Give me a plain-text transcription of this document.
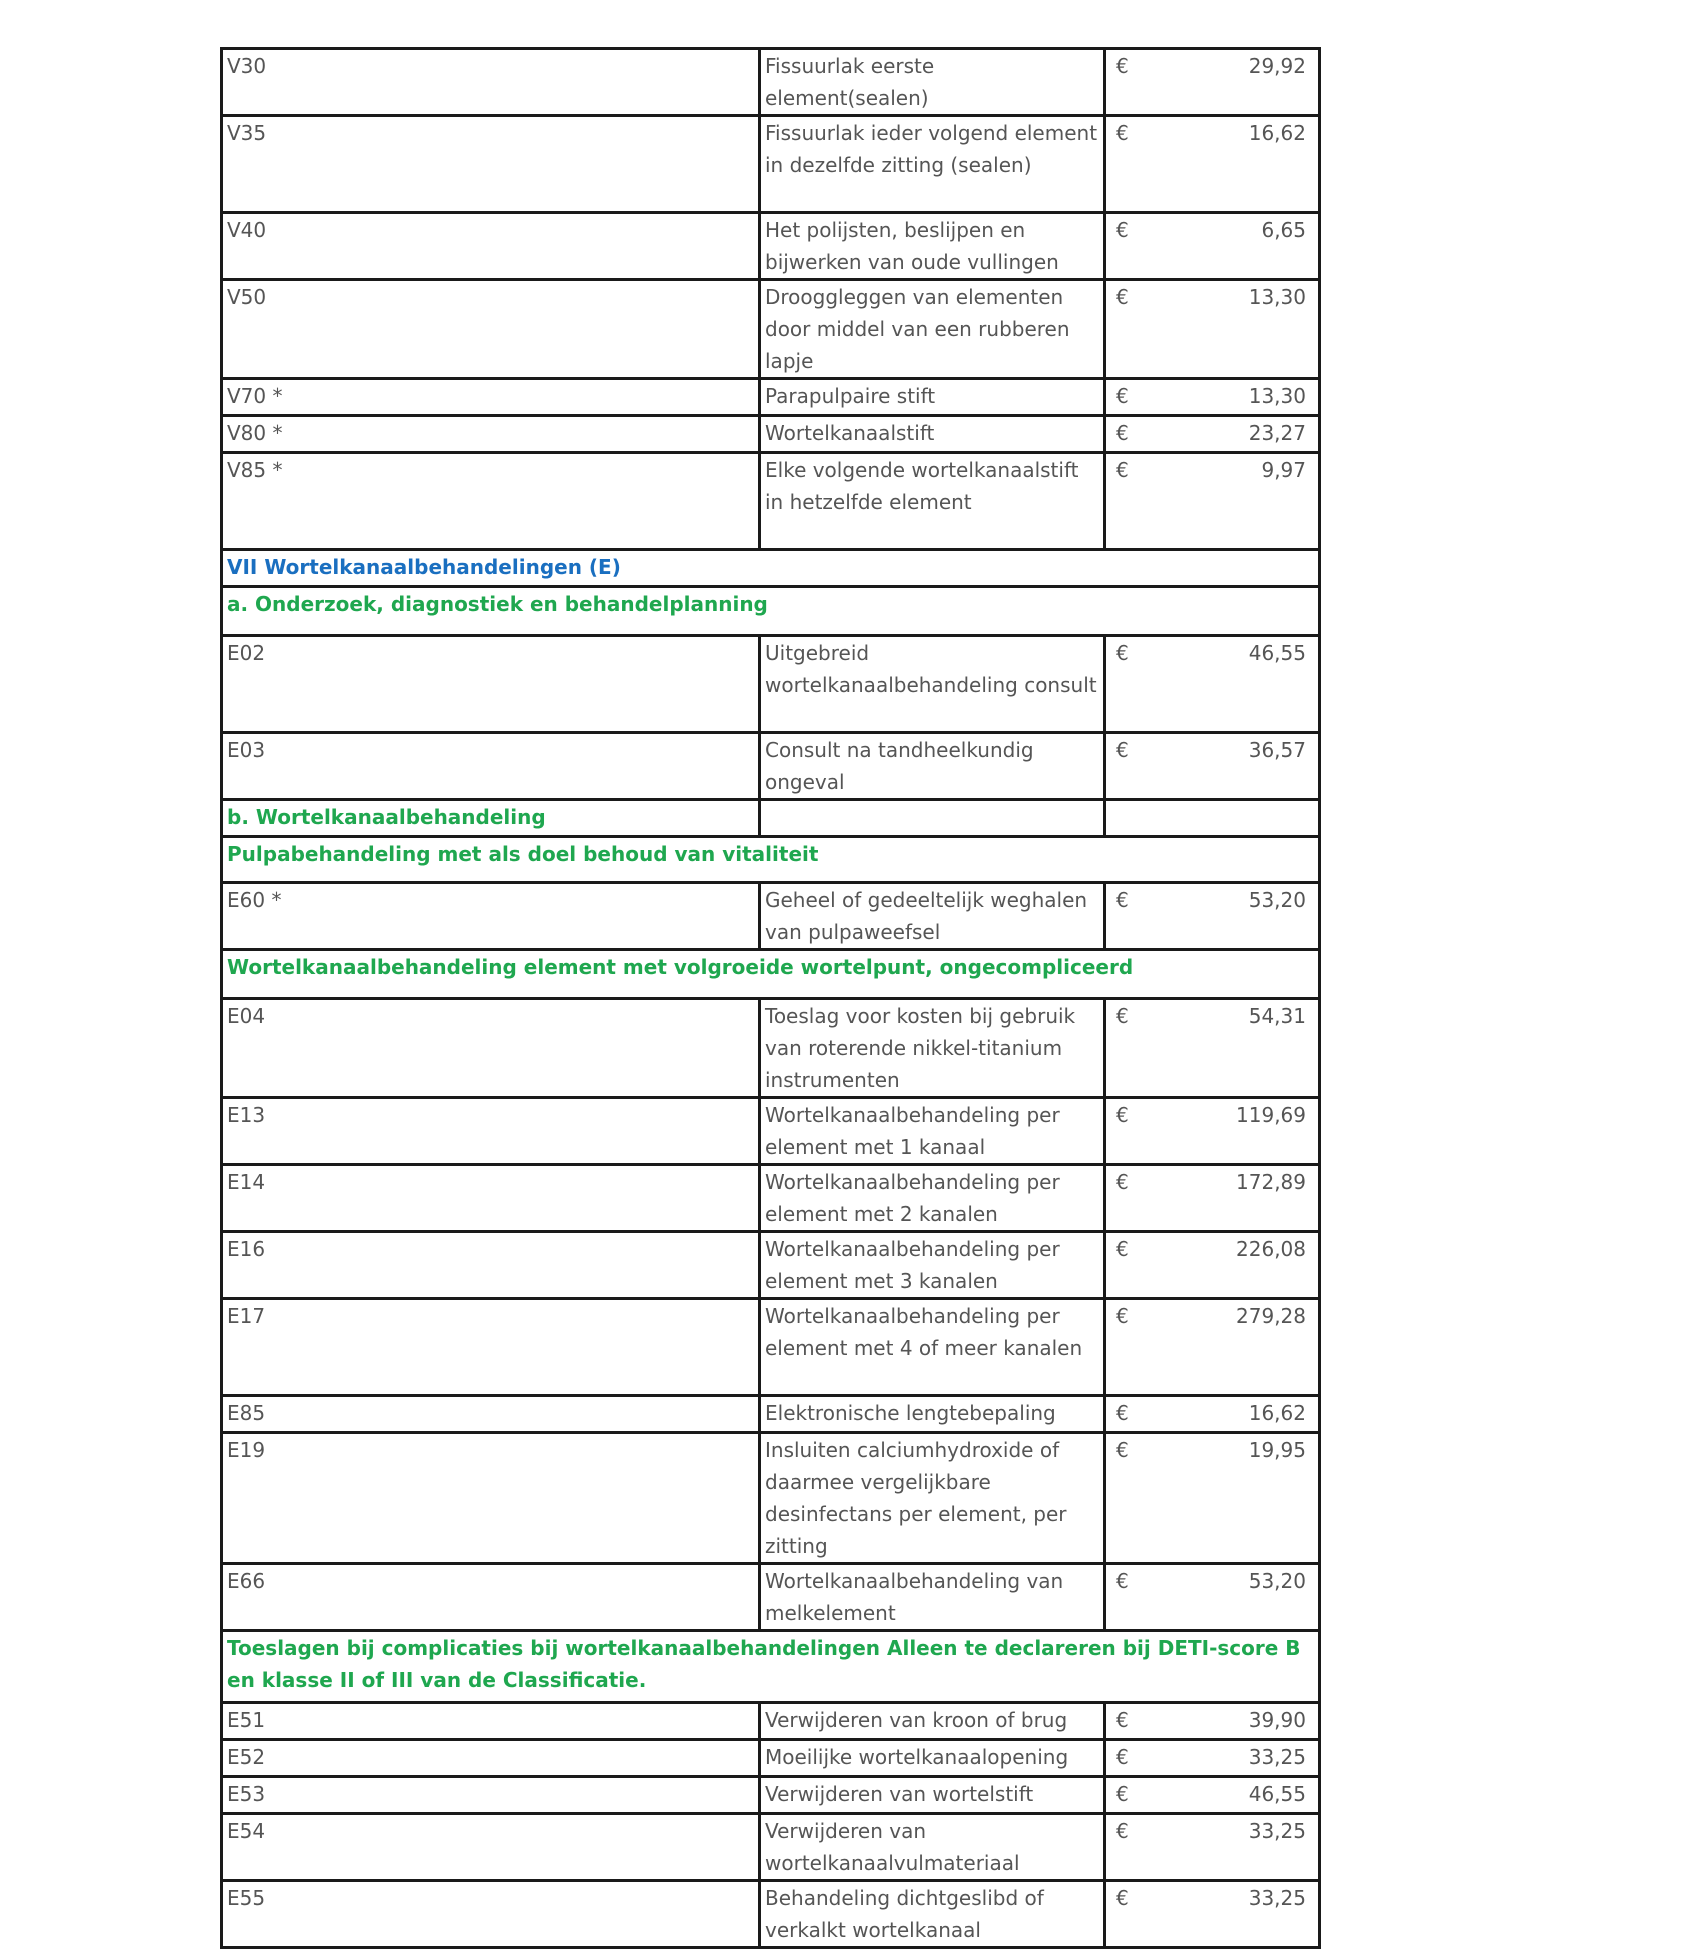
V30	Fissuurlak eerste element(sealen)	€ 29,92

V35	Fissuurlak ieder volgend element in dezelfde zitting (sealen)	€ 16,62

V40	Het polijsten, beslijpen en bijwerken van oude vullingen	€ 6,65

V50	Drooggleggen van elementen door middel van een rubberen lapje	€ 13,30

V70 *	Parapulpaire stift	€ 13,30

V80 *	Wortelkanaalstift	€ 23,27

V85 *	Elke volgende wortelkanaalstift in hetzelfde element	€ 9,97

VII Wortelkanaalbehandelingen (E)		
a. Onderzoek, diagnostiek en behandelplanning		
E02	Uitgebreid wortelkanaalbehandeling consult	€ 46,55

E03	Consult na tandheelkundig ongeval	€ 36,57

b. Wortelkanaalbehandeling		
Pulpabehandeling met als doel behoud van vitaliteit		
E60 *	Geheel of gedeeltelijk weghalen van pulpaweefsel	€ 53,20

Wortelkanaalbehandeling element met volgroeide wortelpunt, ongecompliceerd		
E04	Toeslag voor kosten bij gebruik van roterende nikkel-titanium instrumenten	€ 54,31

E13	Wortelkanaalbehandeling per element met 1 kanaal	€ 119,69

E14	Wortelkanaalbehandeling per element met 2 kanalen	€ 172,89

E16	Wortelkanaalbehandeling per element met 3 kanalen	€ 226,08

E17	Wortelkanaalbehandeling per element met 4 of meer kanalen	€ 279,28

E85	Elektronische lengtebepaling	€ 16,62

E19	Insluiten calciumhydroxide of daarmee vergelijkbare desinfectans per element, per zitting	€ 19,95

E66	Wortelkanaalbehandeling van melkelement	€ 53,20

Toeslagen bij complicaties bij wortelkanaalbehandelingen Alleen te declareren bij DETI-score B en klasse II of III van de Classificatie.		
E51	Verwijderen van kroon of brug	€ 39,90

E52	Moeilijke wortelkanaalopening	€ 33,25

E53	Verwijderen van wortelstift	€ 46,55

E54	Verwijderen van wortelkanaalvulmateriaal	€ 33,25

E55	Behandeling dichtgeslibd of verkalkt wortelkanaal	€ 33,25
